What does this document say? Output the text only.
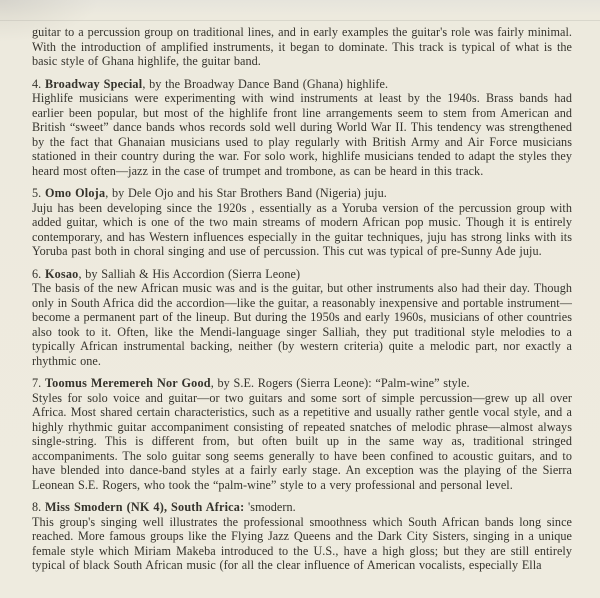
guitar to a percussion group on traditional lines, and in early examples the guitar's role was fairly minimal. With the introduction of amplified instruments, it began to dominate. This track is typical of what is the basic style of Ghana highlife, the guitar band.

4. Broadway Special, by the Broadway Dance Band (Ghana) highlife.

Highlife musicians were experimenting with wind instruments at least by the 1940s. Brass bands had earlier been popular, but most of the highlife front line arrangements seem to stem from American and British “sweet” dance bands whos records sold well during World War II. This tendency was strengthened by the fact that Ghanaian musicians used to play regularly with British Army and Air Force musicians stationed in their country during the war. For solo work, highlife musicians tended to adapt the styles they heard most often—jazz in the case of trumpet and trombone, as can be heard in this track.

5. Omo Oloja, by Dele Ojo and his Star Brothers Band (Nigeria) juju.

Juju has been developing since the 1920s , essentially as a Yoruba version of the percussion group with added guitar, which is one of the two main streams of modern African pop music. Though it is entirely contemporary, and has Western influences especially in the guitar techniques, juju has strong links with its Yoruba past both in choral singing and use of percussion. This cut was typical of pre-Sunny Ade juju.

6. Kosao, by Salliah & His Accordion (Sierra Leone)

The basis of the new African music was and is the guitar, but other instruments also had their day. Though only in South Africa did the accordion—like the guitar, a reasonably inexpensive and portable instrument—become a permanent part of the lineup. But during the 1950s and early 1960s, musicians of other countries also took to it. Often, like the Mendi-language singer Salliah, they put traditional style melodies to a typically African instrumental backing, neither (by western criteria) quite a melodic part, nor exactly a rhythmic one.

7. Toomus Meremereh Nor Good, by S.E. Rogers (Sierra Leone): “Palm-wine” style.

Styles for solo voice and guitar—or two guitars and some sort of simple percussion—grew up all over Africa. Most shared certain characteristics, such as a repetitive and usually rather gentle vocal style, and a highly rhythmic guitar accompaniment consisting of repeated snatches of melodic phrase—almost always single-string. This is different from, but often built up in the same way as, traditional stringed accompaniments. The solo guitar song seems generally to have been confined to acoustic guitars, and to have blended into dance-band styles at a fairly early stage. An exception was the playing of the Sierra Leonean S.E. Rogers, who took the “palm-wine” style to a very professional and personal level.

8. Miss Smodern (NK 4), South Africa: 'smodern.

This group's singing well illustrates the professional smoothness which South African bands long since reached. More famous groups like the Flying Jazz Queens and the Dark City Sisters, singing in a unique female style which Miriam Makeba introduced to the U.S., have a high gloss; but they are still entirely typical of black South African music (for all the clear influence of American vocalists, especially Ella
